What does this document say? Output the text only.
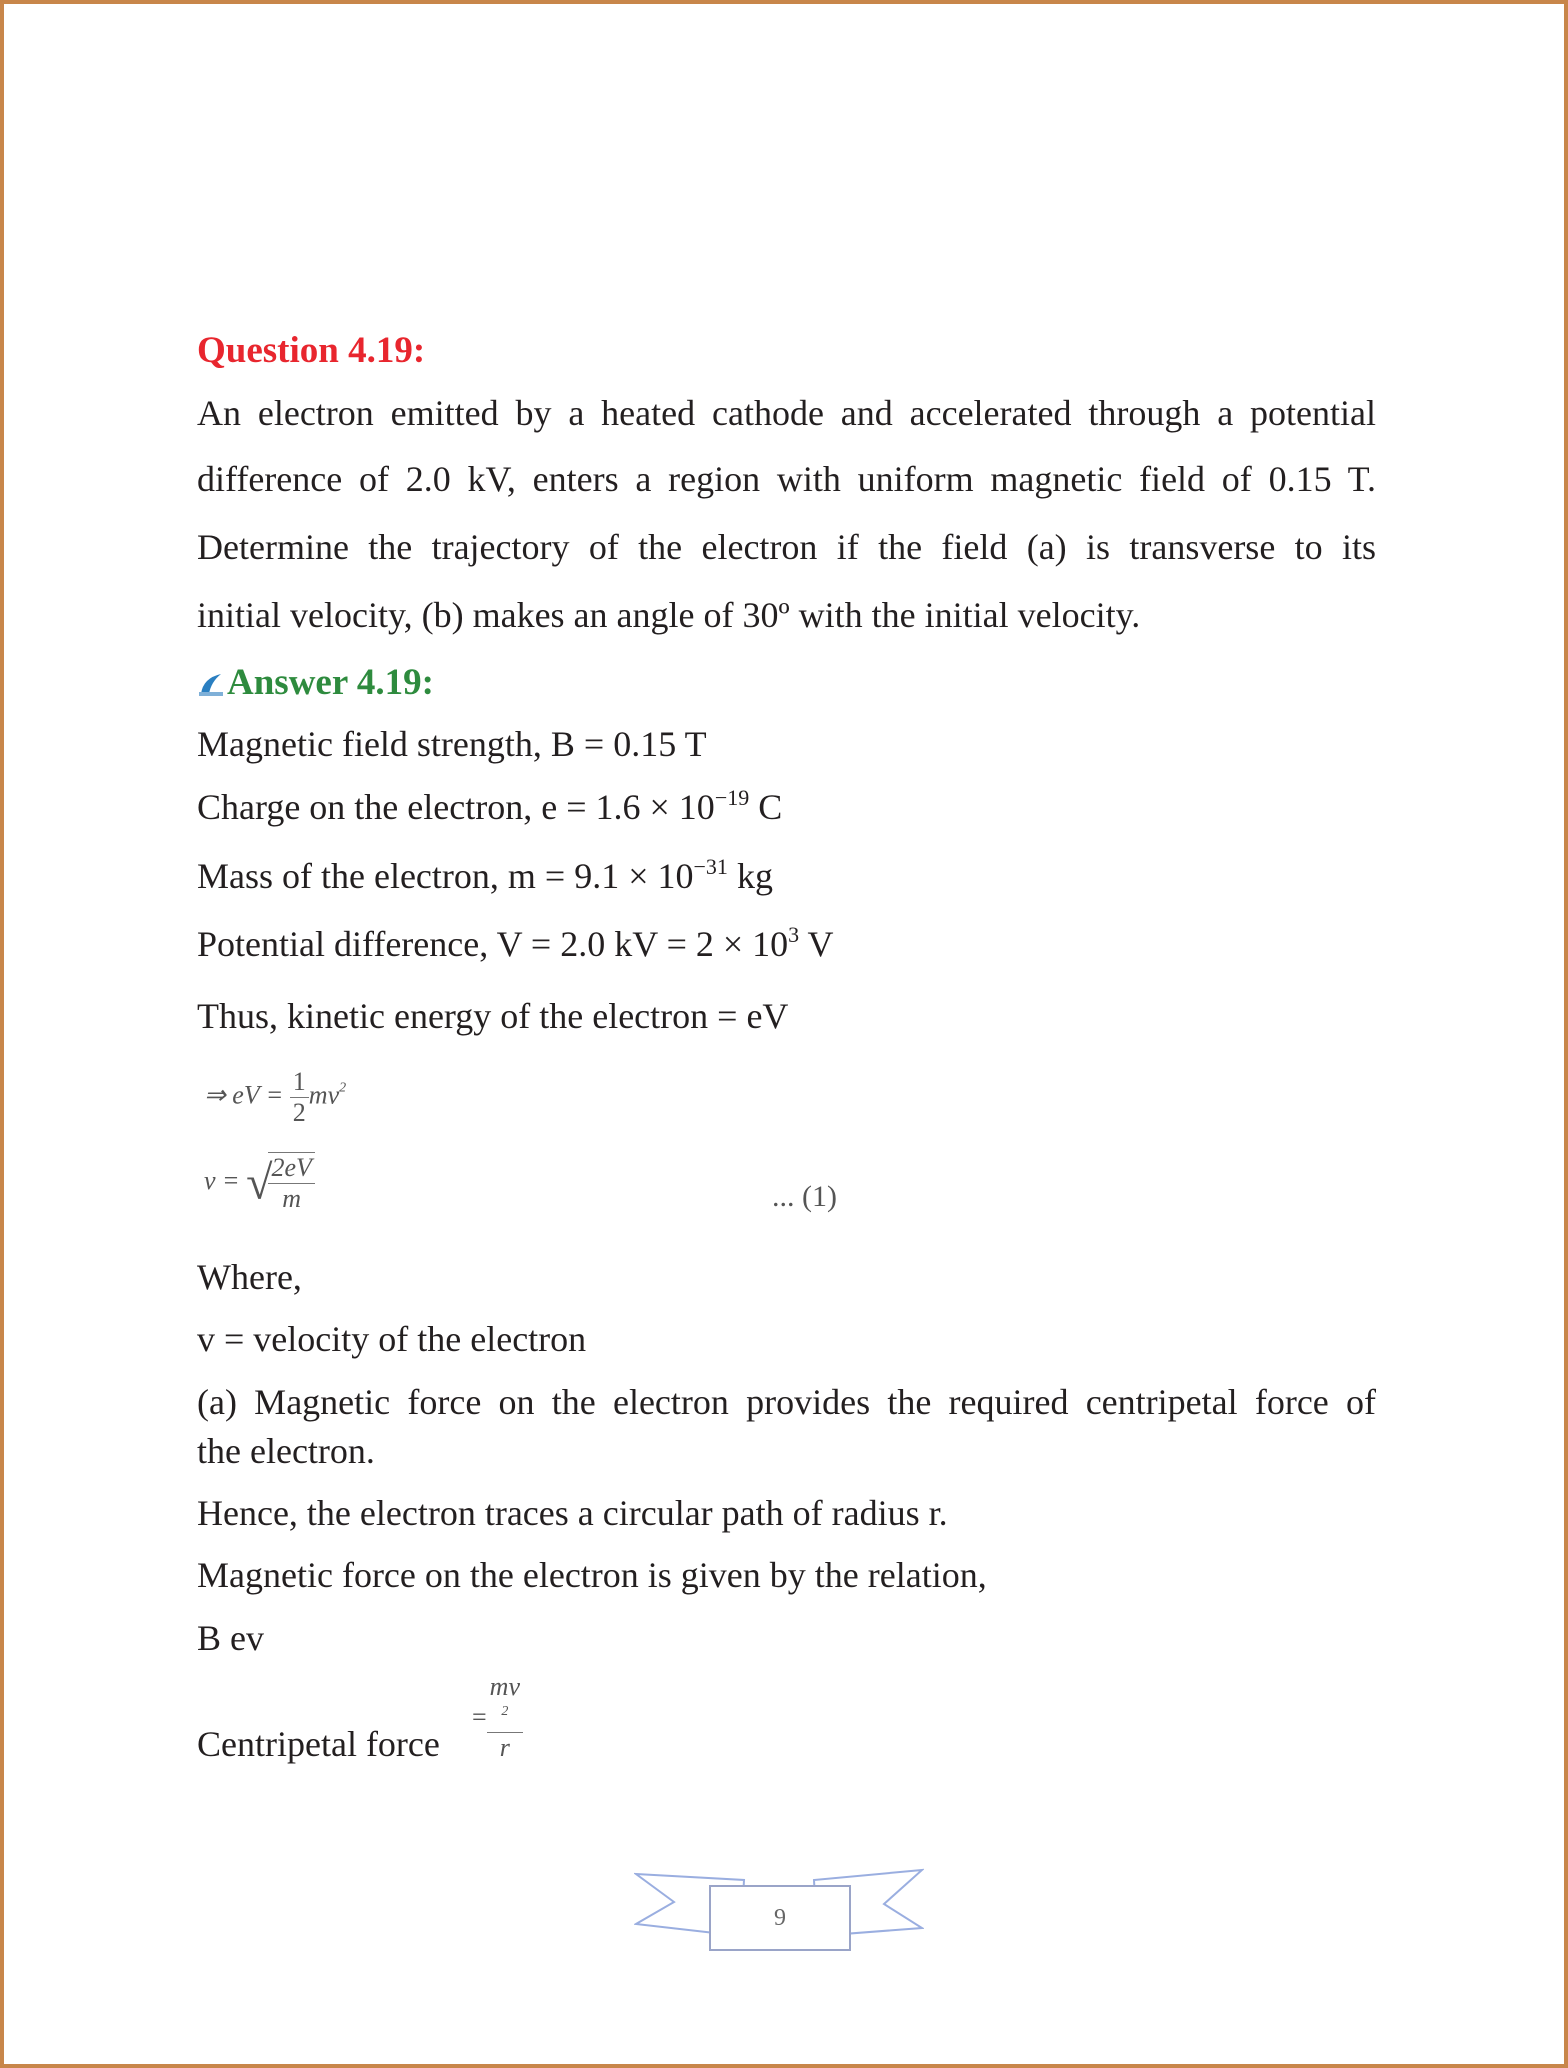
Question 4.19:
An electron emitted by a heated cathode and accelerated through a potential
difference of 2.0 kV, enters a region with uniform magnetic field of 0.15 T.
Determine the trajectory of the electron if the field (a) is transverse to its
initial velocity, (b) makes an angle of 30º with the initial velocity.
Answer 4.19:
Magnetic field strength, B = 0.15 T
Charge on the electron, $e = 1.6 \times 10^{-19}$ C
Mass of the electron, $m = 9.1 \times 10^{-31}$ kg
Potential difference, V = 2.0 kV = $2 \times 10^3$ V
Thus, kinetic energy of the electron = eV
⇒ eV = $\frac{1}{2} mv^2$
v = √
$\frac{2eV}{m}$	... (1)
Where,
v = velocity of the electron
(a) Magnetic force on the electron provides the required centripetal force of
the electron.
Hence, the electron traces a circular path of radius r.
Magnetic force on the electron is given by the relation,
B ev
Centripetal force
= mv
$^2$
r
9
